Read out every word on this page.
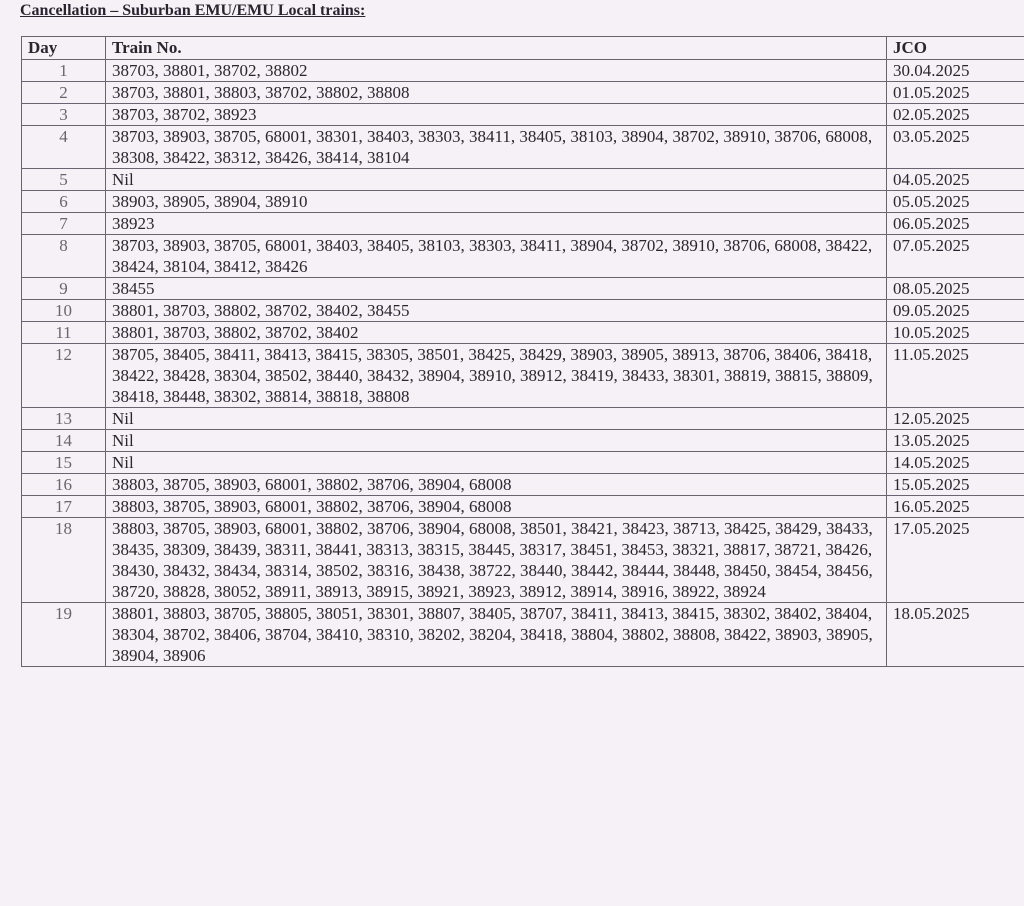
Cancellation – Suburban EMU/EMU Local trains:
Day	Train No.	JCO
1	38703, 38801, 38702, 38802	30.04.2025
2	38703, 38801, 38803, 38702, 38802, 38808	01.05.2025
3	38703, 38702, 38923	02.05.2025
4	38703, 38903, 38705, 68001, 38301, 38403, 38303, 38411, 38405, 38103, 38904, 38702, 38910, 38706, 68008, 38308, 38422, 38312, 38426, 38414, 38104	03.05.2025
5	Nil	04.05.2025
6	38903, 38905, 38904, 38910	05.05.2025
7	38923	06.05.2025
8	38703, 38903, 38705, 68001, 38403, 38405, 38103, 38303, 38411, 38904, 38702, 38910, 38706, 68008, 38422, 38424, 38104, 38412, 38426	07.05.2025
9	38455	08.05.2025
10	38801, 38703, 38802, 38702, 38402, 38455	09.05.2025
11	38801, 38703, 38802, 38702, 38402	10.05.2025
12	38705, 38405, 38411, 38413, 38415, 38305, 38501, 38425, 38429, 38903, 38905, 38913, 38706, 38406, 38418, 38422, 38428, 38304, 38502, 38440, 38432, 38904, 38910, 38912, 38419, 38433, 38301, 38819, 38815, 38809, 38418, 38448, 38302, 38814, 38818, 38808	11.05.2025
13	Nil	12.05.2025
14	Nil	13.05.2025
15	Nil	14.05.2025
16	38803, 38705, 38903, 68001, 38802, 38706, 38904, 68008	15.05.2025
17	38803, 38705, 38903, 68001, 38802, 38706, 38904, 68008	16.05.2025
18	38803, 38705, 38903, 68001, 38802, 38706, 38904, 68008, 38501, 38421, 38423, 38713, 38425, 38429, 38433, 38435, 38309, 38439, 38311, 38441, 38313, 38315, 38445, 38317, 38451, 38453, 38321, 38817, 38721, 38426, 38430, 38432, 38434, 38314, 38502, 38316, 38438, 38722, 38440, 38442, 38444, 38448, 38450, 38454, 38456, 38720, 38828, 38052, 38911, 38913, 38915, 38921, 38923, 38912, 38914, 38916, 38922, 38924	17.05.2025
19	38801, 38803, 38705, 38805, 38051, 38301, 38807, 38405, 38707, 38411, 38413, 38415, 38302, 38402, 38404, 38304, 38702, 38406, 38704, 38410, 38310, 38202, 38204, 38418, 38804, 38802, 38808, 38422, 38903, 38905, 38904, 38906	18.05.2025
